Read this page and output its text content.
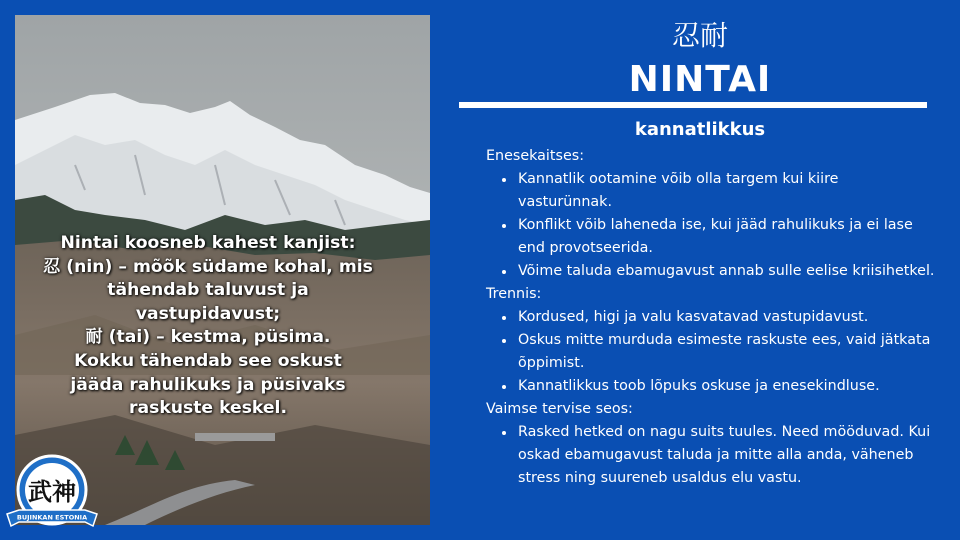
Nintai koosneb kahest kanjist:
忍 (nin) – mõõk südame kohal, mis
tähendab taluvust ja
vastupidavust;
耐 (tai) – kestma, püsima.
Kokku tähendab see oskust
jääda rahulikuks ja püsivaks
raskuste keskel.
武神
BUJINKAN ESTONIA
忍耐
NINTAI
kannatlikkus
Enesekaitses:
• Kannatlik ootamine võib olla targem kui kiire vasturünnak.
• Konflikt võib laheneda ise, kui jääd rahulikuks ja ei lase end provotseerida.
• Võime taluda ebamugavust annab sulle eelise kriisihetkel.
Trennis:
• Kordused, higi ja valu kasvatavad vastupidavust.
• Oskus mitte murduda esimeste raskuste ees, vaid jätkata õppimist.
• Kannatlikkus toob lõpuks oskuse ja enesekindluse.
Vaimse tervise seos:
• Rasked hetked on nagu suits tuules. Need mööduvad. Kui oskad ebamugavust taluda ja mitte alla anda, väheneb stress ning suureneb usaldus elu vastu.
